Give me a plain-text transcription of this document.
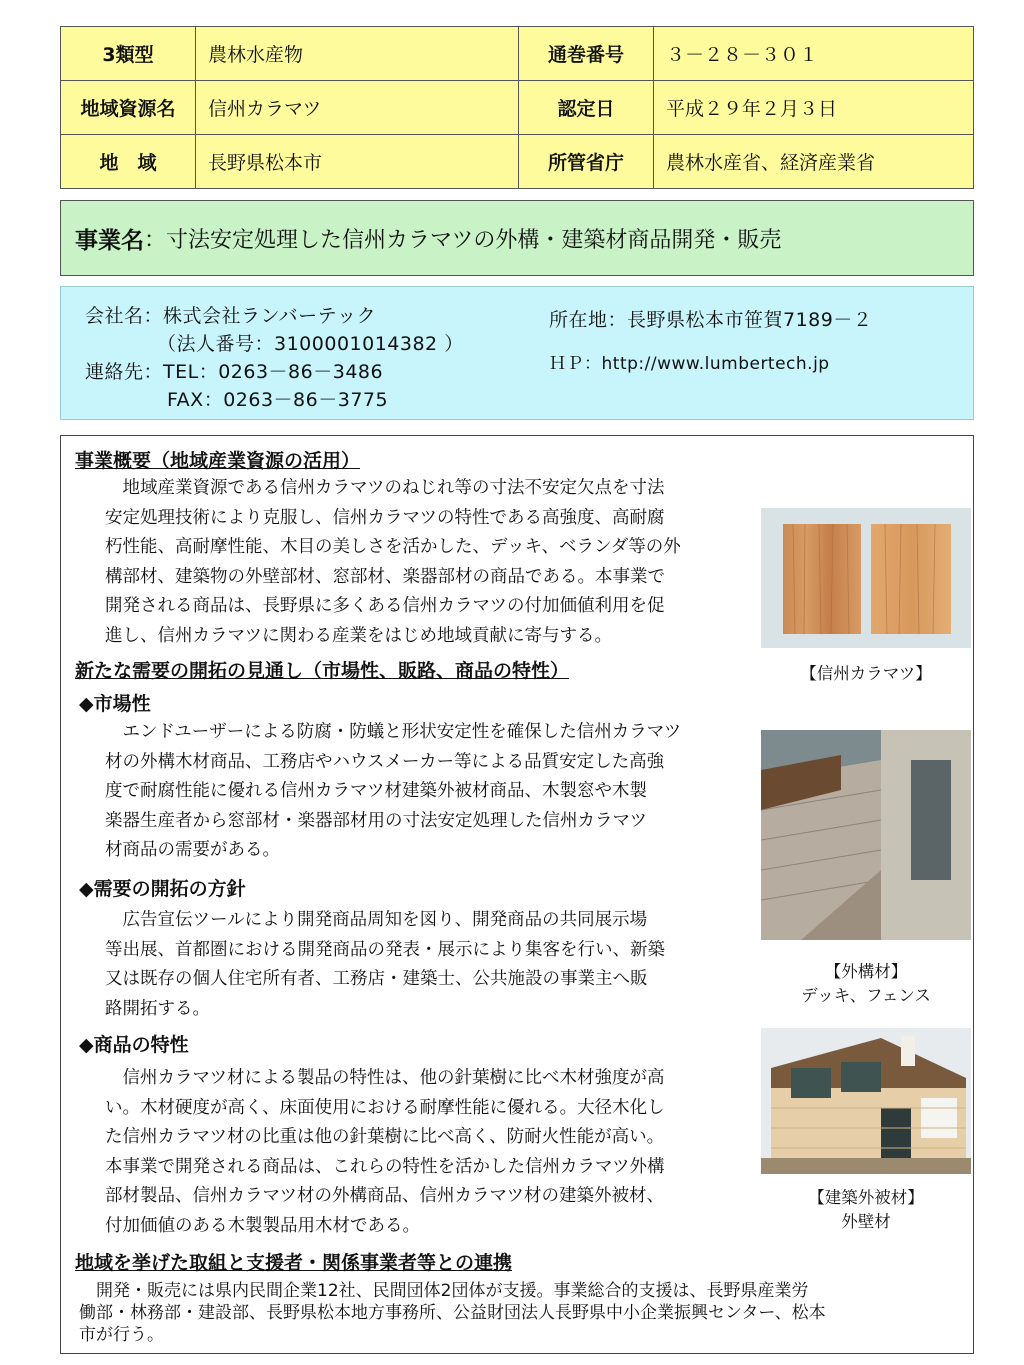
3類型	農林水産物	通巻番号	３－２８－３０１
地域資源名	信州カラマツ	認定日	平成２９年２月３日
地　域	長野県松本市	所管省庁	農林水産省、経済産業省
事業名 ：寸法安定処理した信州カラマツの外構・建築材商品開発・販売
会社名：株式会社ランバーテック
（法人番号：3100001014382 ）
連絡先：TEL：0263－86－3486
FAX：0263－86－3775
所在地：長野県松本市笹賀7189－２
ＨＰ：http://www.lumbertech.jp
事業概要（地域産業資源の活用）
　地域産業資源である信州カラマツのねじれ等の寸法不安定欠点を寸法
安定処理技術により克服し、信州カラマツの特性である高強度、高耐腐
朽性能、高耐摩性能、木目の美しさを活かした、デッキ、ベランダ等の外
構部材、建築物の外壁部材、窓部材、楽器部材の商品である。本事業で
開発される商品は、長野県に多くある信州カラマツの付加価値利用を促
進し、信州カラマツに関わる産業をはじめ地域貢献に寄与する。
新たな需要の開拓の見通し（市場性、販路、商品の特性）
◆市場性
　エンドユーザーによる防腐・防蟻と形状安定性を確保した信州カラマツ
材の外構木材商品、工務店やハウスメーカー等による品質安定した高強
度で耐腐性能に優れる信州カラマツ材建築外被材商品、木製窓や木製
楽器生産者から窓部材・楽器部材用の寸法安定処理した信州カラマツ
材商品の需要がある。
◆需要の開拓の方針
　広告宣伝ツールにより開発商品周知を図り、開発商品の共同展示場
等出展、首都圏における開発商品の発表・展示により集客を行い、新築
又は既存の個人住宅所有者、工務店・建築士、公共施設の事業主へ販
路開拓する。
◆商品の特性
　信州カラマツ材による製品の特性は、他の針葉樹に比べ木材強度が高
い。木材硬度が高く、床面使用における耐摩性能に優れる。大径木化し
た信州カラマツ材の比重は他の針葉樹に比べ高く、防耐火性能が高い。
本事業で開発される商品は、これらの特性を活かした信州カラマツ外構
部材製品、信州カラマツ材の外構商品、信州カラマツ材の建築外被材、
付加価値のある木製製品用木材である。
地域を挙げた取組と支援者・関係事業者等との連携
　開発・販売には県内民間企業12社、民間団体2団体が支援。事業総合的支援は、長野県産業労
働部・林務部・建設部、長野県松本地方事務所、公益財団法人長野県中小企業振興センター、松本
市が行う。
【信州カラマツ】
【外構材】
デッキ、フェンス
【建築外被材】
外壁材
